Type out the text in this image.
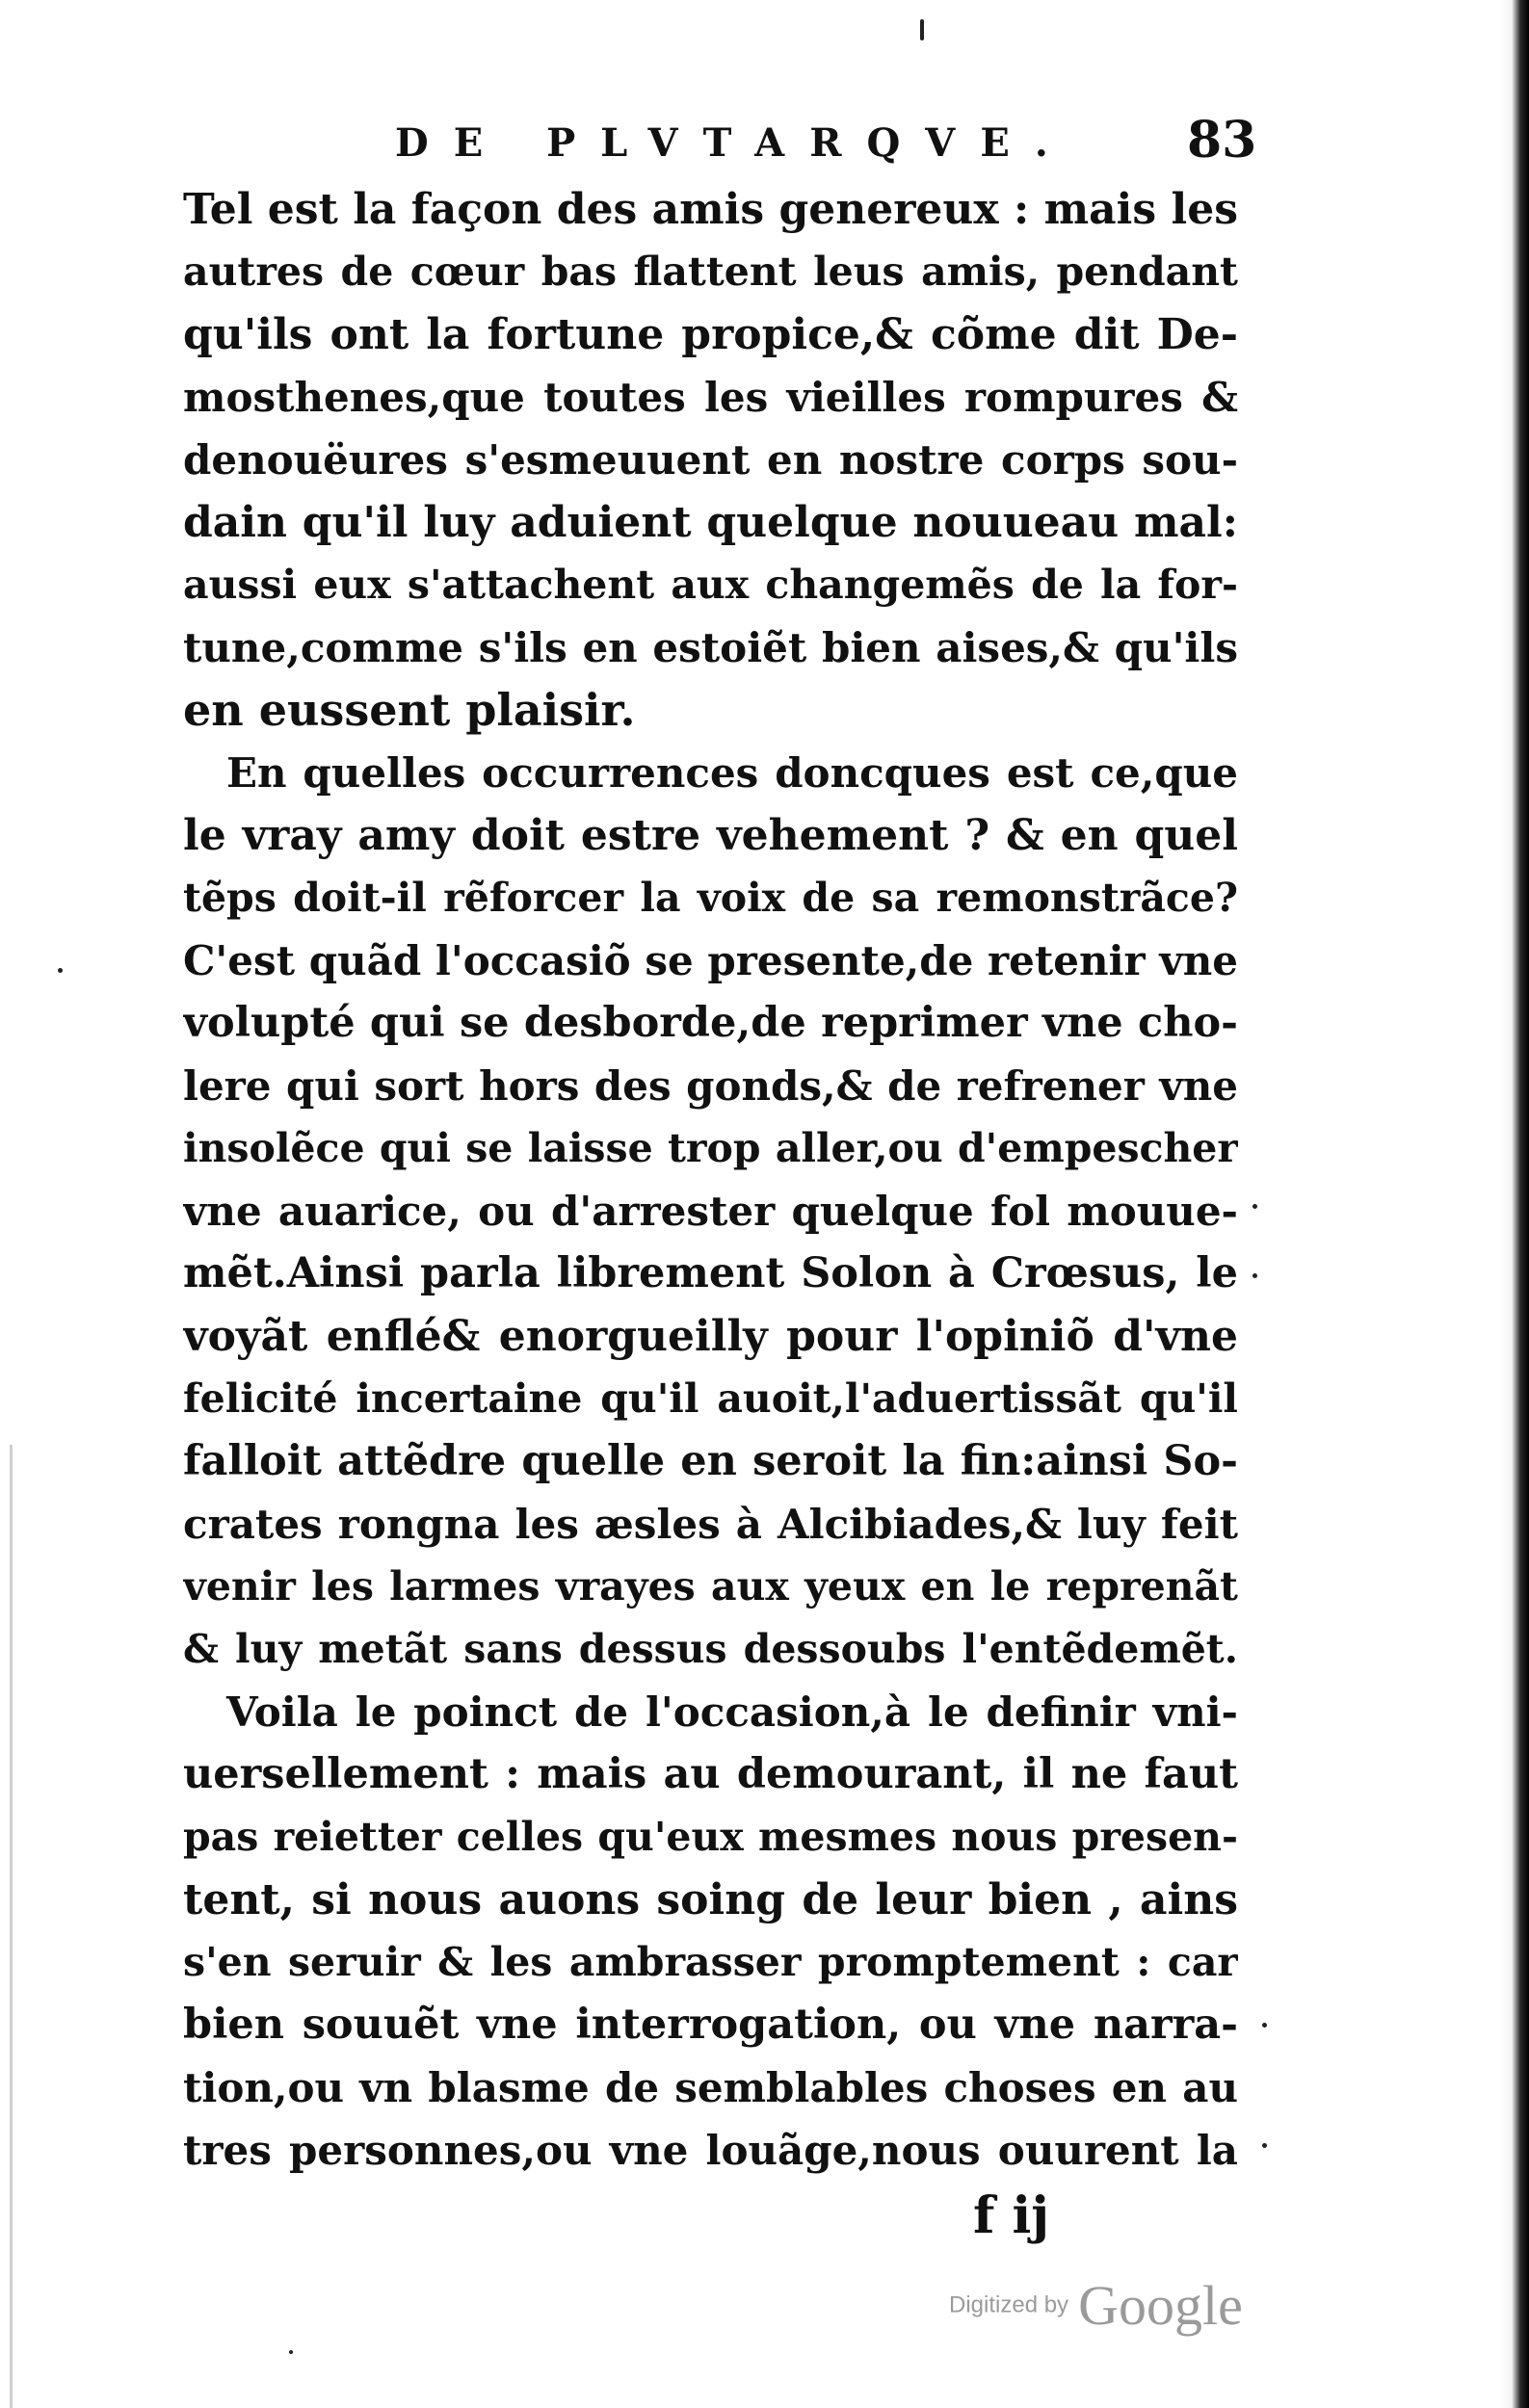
DE PLVTARQVE. 83
Tel est la façon des amis genereux : mais les
autres de cœur bas flattent leus amis, pendant
qu'ils ont la fortune propice,& cõme dit De-
mosthenes,que toutes les vieilles rompures &
denouëures s'esmeuuent en nostre corps sou-
dain qu'il luy aduient quelque nouueau mal:
aussi eux s'attachent aux changemẽs de la for-
tune,comme s'ils en estoiẽt bien aises,& qu'ils
en eussent plaisir.
En quelles occurrences doncques est ce,que
le vray amy doit estre vehement ? & en quel
tẽps doit-il rẽforcer la voix de sa remonstrãce?
C'est quãd l'occasiõ se presente,de retenir vne
volupté qui se desborde,de reprimer vne cho-
lere qui sort hors des gonds,& de refrener vne
insolẽce qui se laisse trop aller,ou d'empescher
vne auarice, ou d'arrester quelque fol mouue-
mẽt.Ainsi parla librement Solon à Crœsus, le
voyãt enflé& enorgueilly pour l'opiniõ d'vne
felicité incertaine qu'il auoit,l'aduertissãt qu'il
falloit attẽdre quelle en seroit la fin:ainsi So-
crates rongna les æsles à Alcibiades,& luy feit
venir les larmes vrayes aux yeux en le reprenãt
& luy metãt sans dessus dessoubs l'entẽdemẽt.
Voila le poinct de l'occasion,à le definir vni-
uersellement : mais au demourant, il ne faut
pas reietter celles qu'eux mesmes nous presen-
tent, si nous auons soing de leur bien , ains
s'en seruir & les ambrasser promptement : car
bien souuẽt vne interrogation, ou vne narra-
tion,ou vn blasme de semblables choses en au
tres personnes,ou vne louãge,nous ouurent la
f ij
Digitized by Google
